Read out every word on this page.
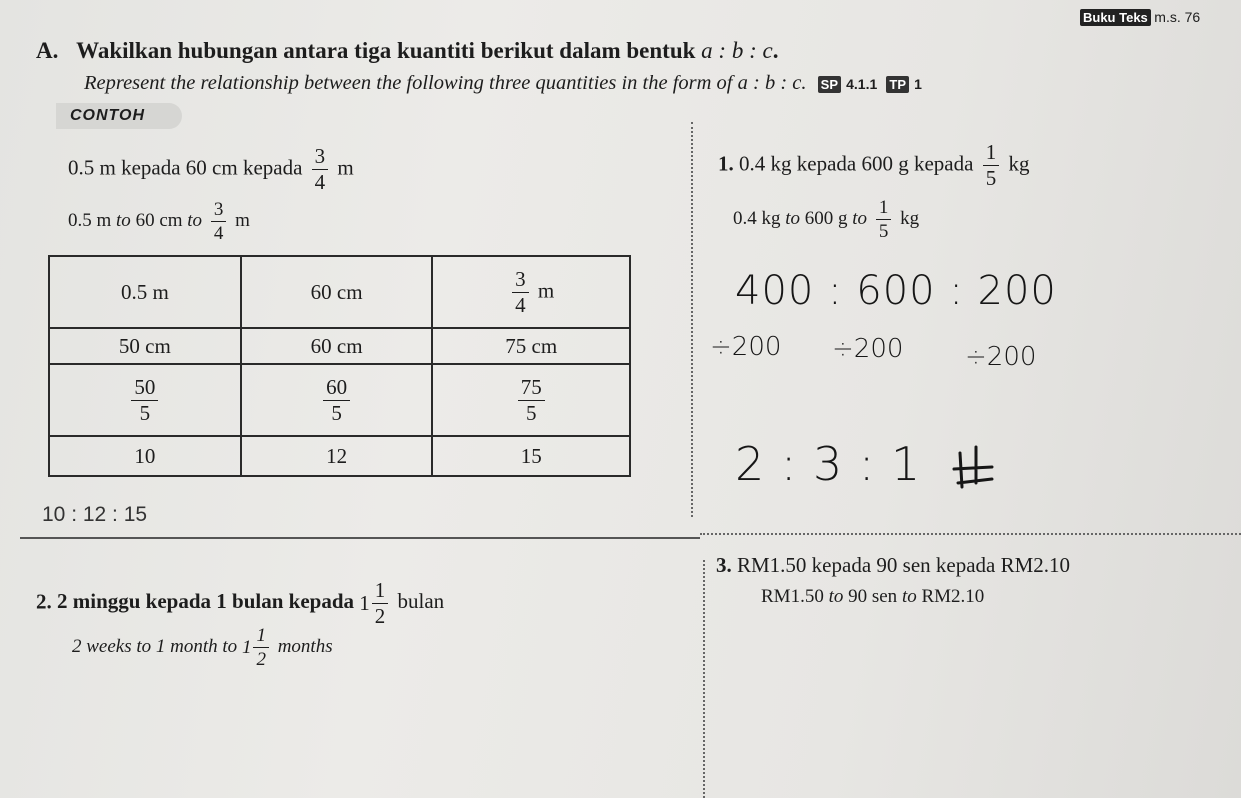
Buku Teks m.s. 76
A. Wakilkan hubungan antara tiga kuantiti berikut dalam bentuk a : b : c.
Represent the relationship between the following three quantities in the form of a : b : c. SP 4.1.1 TP 1
CONTOH
0.5 m kepada 60 cm kepada $\frac{3}{4}$ m
0.5 m to 60 cm to $\frac{3}{4}$ m
0.5 m	60 cm	$\frac{3}{4}$ m
50 cm	60 cm	75 cm

$\frac{50}{5}$	$\frac{60}{5}$	$\frac{75}{5}$

10	12	15
10 : 12 : 15
1. 0.4 kg kepada 600 g kepada $\frac{1}{5}$ kg
0.4 kg to 600 g to $\frac{1}{5}$ kg
400 : 600 : 200
÷200 ÷200 ÷200
2 : 3 : 1
2. 2 minggu kepada 1 bulan kepada $1 \frac{1}{2}$ bulan
2 weeks to 1 month to $1 \frac{1}{2}$ months
3. RM1.50 kepada 90 sen kepada RM2.10
RM1.50 to 90 sen to RM2.10
